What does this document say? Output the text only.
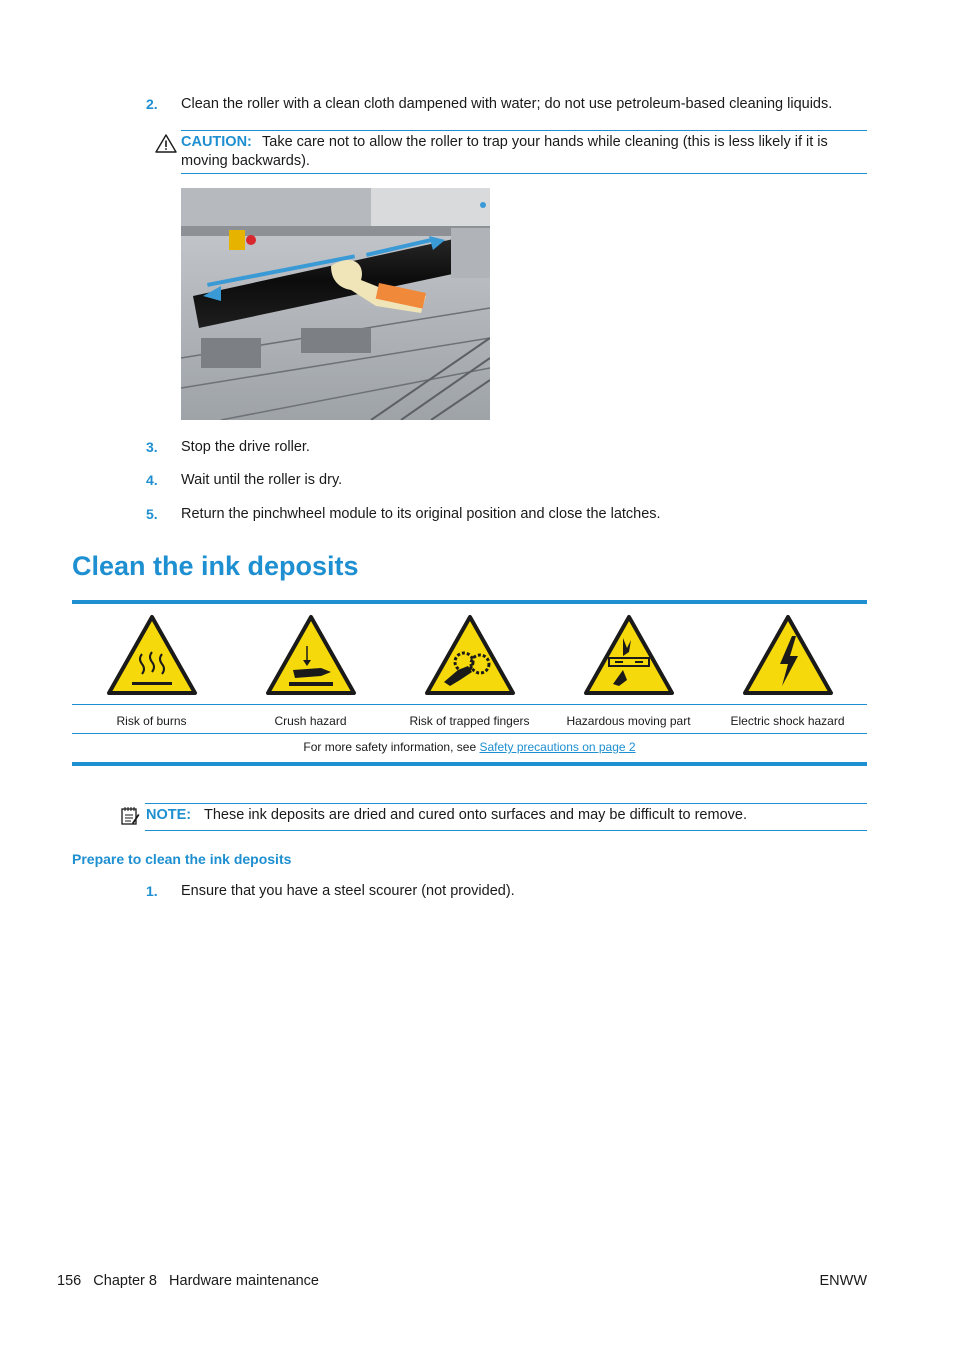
2. Clean the roller with a clean cloth dampened with water; do not use petroleum-based cleaning liquids.
CAUTION: Take care not to allow the roller to trap your hands while cleaning (this is less likely if it is
moving backwards).
3. Stop the drive roller.
4. Wait until the roller is dry.
5. Return the pinchwheel module to its original position and close the latches.
Clean the ink deposits
Risk of burns	Crush hazard	Risk of trapped fingers	Hazardous moving part	Electric shock hazard
For more safety information, see Safety precautions on page 2
NOTE: These ink deposits are dried and cured onto surfaces and may be difficult to remove.
Prepare to clean the ink deposits
1. Ensure that you have a steel scourer (not provided).
156   Chapter 8   Hardware maintenance	ENWW
